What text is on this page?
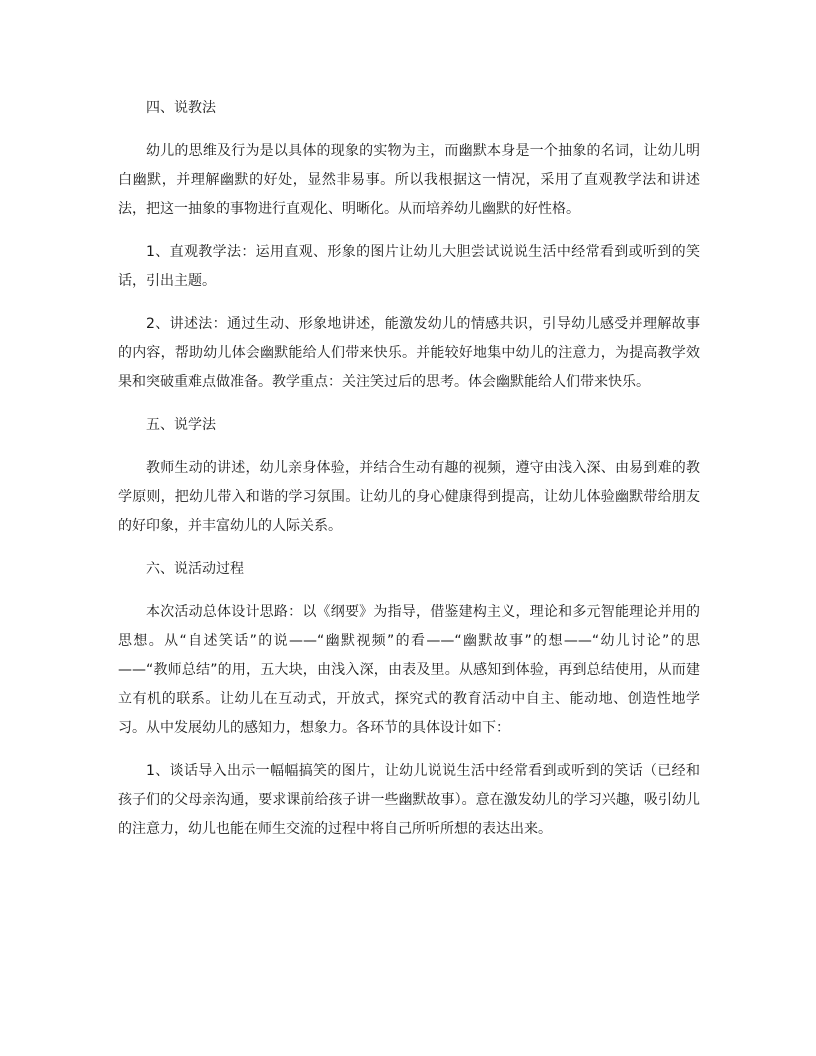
四、说教法

幼儿的思维及行为是以具体的现象的实物为主，而幽默本身是一个抽象的名词，让幼儿明白幽默，并理解幽默的好处，显然非易事。所以我根据这一情况，采用了直观教学法和讲述法，把这一抽象的事物进行直观化、明晰化。从而培养幼儿幽默的好性格。

1、直观教学法：运用直观、形象的图片让幼儿大胆尝试说说生活中经常看到或听到的笑话，引出主题。

2、讲述法：通过生动、形象地讲述，能激发幼儿的情感共识，引导幼儿感受并理解故事的内容，帮助幼儿体会幽默能给人们带来快乐。并能较好地集中幼儿的注意力，为提高教学效果和突破重难点做准备。教学重点：关注笑过后的思考。体会幽默能给人们带来快乐。

五、说学法

教师生动的讲述，幼儿亲身体验，并结合生动有趣的视频，遵守由浅入深、由易到难的教学原则，把幼儿带入和谐的学习氛围。让幼儿的身心健康得到提高，让幼儿体验幽默带给朋友的好印象，并丰富幼儿的人际关系。

六、说活动过程

本次活动总体设计思路：以《纲要》为指导，借鉴建构主义，理论和多元智能理论并用的思想。从“自述笑话”的说——“幽默视频”的看——“幽默故事”的想——“幼儿讨论”的思——“教师总结”的用，五大块，由浅入深，由表及里。从感知到体验，再到总结使用，从而建立有机的联系。让幼儿在互动式，开放式，探究式的教育活动中自主、能动地、创造性地学习。从中发展幼儿的感知力，想象力。各环节的具体设计如下：

1、谈话导入出示一幅幅搞笑的图片，让幼儿说说生活中经常看到或听到的笑话（已经和孩子们的父母亲沟通，要求课前给孩子讲一些幽默故事）。意在激发幼儿的学习兴趣，吸引幼儿的注意力，幼儿也能在师生交流的过程中将自己所听所想的表达出来。
